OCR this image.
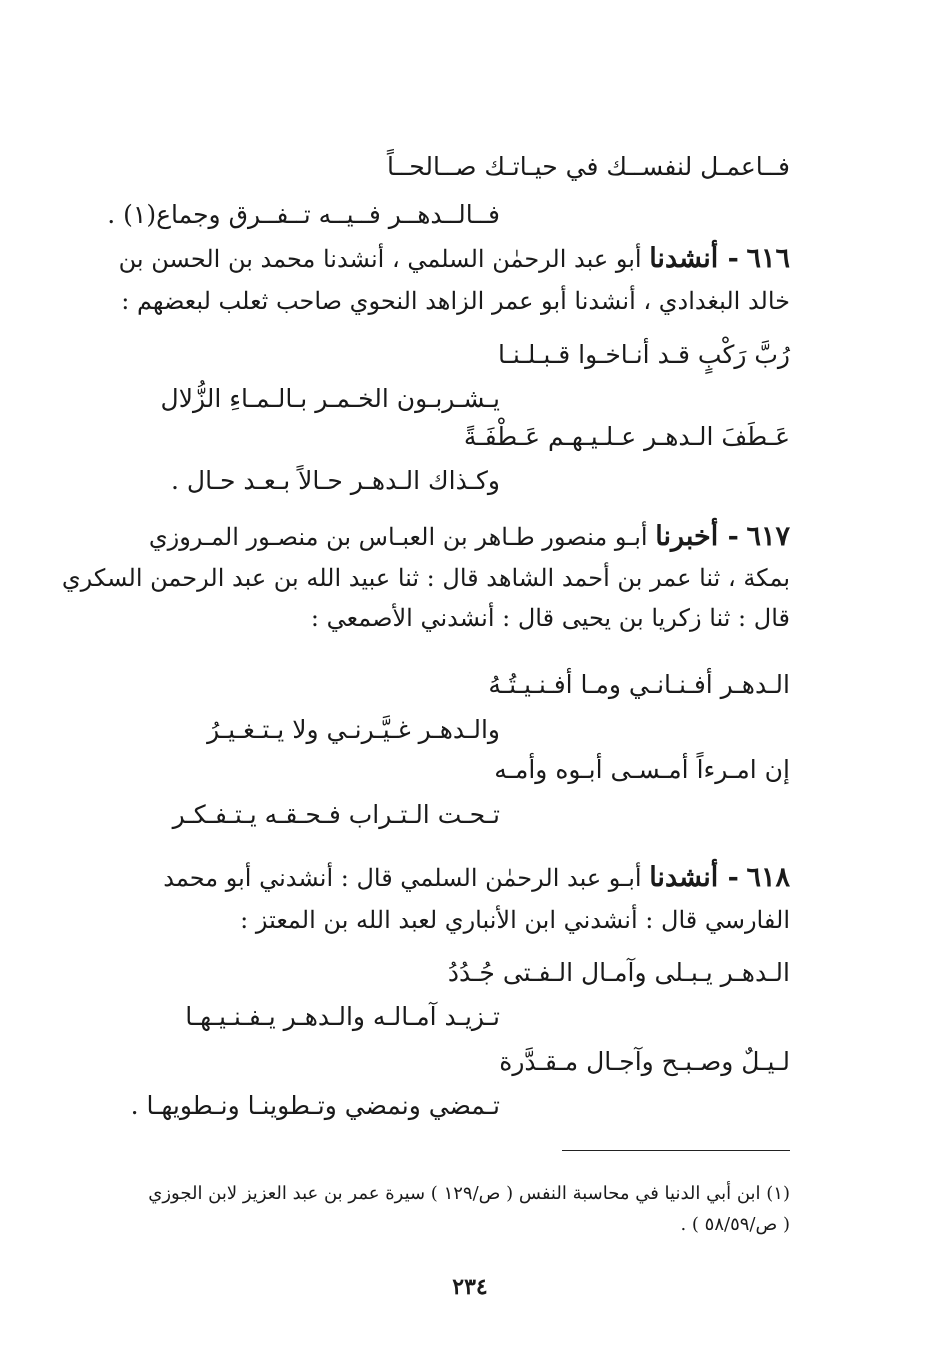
فــاعمـل لنفســك في حيـاتـك صــالحــاً
فــالــدهــر فــيــه تــفــرق وجماع(١) .
٦١٦ - أنشدنا أبو عبد الرحمٰن السلمي ، أنشدنا محمد بن الحسن بن
خالد البغدادي ، أنشدنا أبو عمر الزاهد النحوي صاحب ثعلب لبعضهم :
رُبَّ رَكْبٍ قـد أنـاخـوا قـبـلـنـا
يـشـربـون الخـمـر بـالـمـاءِ الزُّلال
عَـطَفَ الـدهـر عـلـيـهـم عَـطْفَـةً
وكـذاك الـدهـر حـالاً بـعـد حـال .
٦١٧ - أخبرنا أبـو منصور طـاهر بن العبـاس بن منصـور المـروزي
بمكة ، ثنا عمر بن أحمد الشاهد قال : ثنا عبيد الله بن عبد الرحمن السكري
قال : ثنا زكريا بن يحيى قال : أنشدني الأصمعي :
الـدهـر أفـنـانـي ومـا أفـنـيـتُـهُ
والـدهـر غـيَّـرنـي ولا يـتـغـيـرُ
إن امـرءاً أمـسـى أبـوه وأمـه
تـحـت الـتـراب فـحـقـه يـتـفـكـر
٦١٨ - أنشدنا أبـو عبد الرحمٰن السلمي قال : أنشدني أبو محمد
الفارسي قال : أنشدني ابن الأنباري لعبد الله بن المعتز :
الـدهـر يـبـلى وآمـال الـفـتى جُـدُدُ
تـزيـد آمـالـه والـدهـر يـفـنـيـهـا
لـيـلٌ وصـبـح وآجـال مـقـدَّرة
تـمضي ونمضي وتـطوينـا ونـطويهـا .
(١) ابن أبي الدنيا في محاسبة النفس ( ص/١٢٩ ) سيرة عمر بن عبد العزيز لابن الجوزي
( ص/٥٨/٥٩ ) .
٢٣٤
